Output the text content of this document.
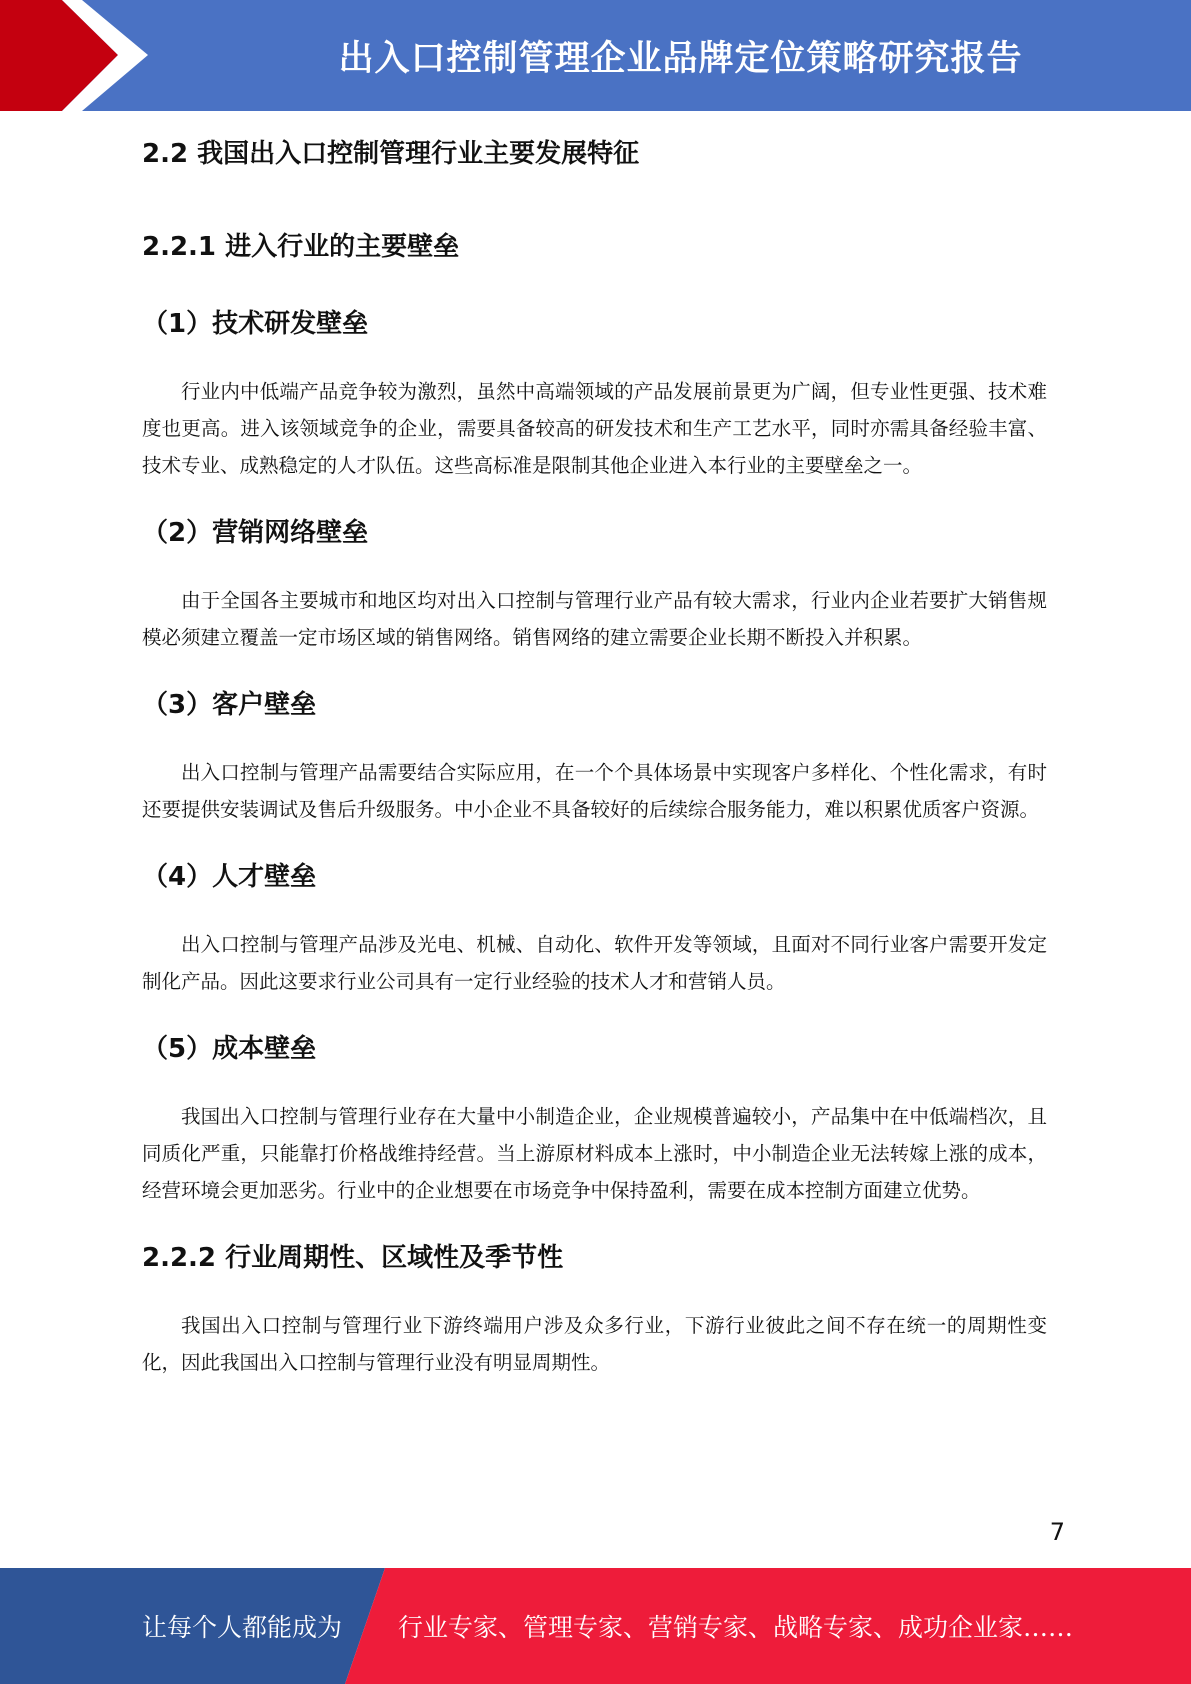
出入口控制管理企业品牌定位策略研究报告
2.2 我国出入口控制管理行业主要发展特征
2.2.1 进入行业的主要壁垒
（1）技术研发壁垒

行业内中低端产品竞争较为激烈，虽然中高端领域的产品发展前景更为广阔，但专业性更强、技术难度也更高。进入该领域竞争的企业，需要具备较高的研发技术和生产工艺水平，同时亦需具备经验丰富、技术专业、成熟稳定的人才队伍。这些高标准是限制其他企业进入本行业的主要壁垒之一。

（2）营销网络壁垒

由于全国各主要城市和地区均对出入口控制与管理行业产品有较大需求，行业内企业若要扩大销售规模必须建立覆盖一定市场区域的销售网络。销售网络的建立需要企业长期不断投入并积累。

（3）客户壁垒

出入口控制与管理产品需要结合实际应用，在一个个具体场景中实现客户多样化、个性化需求，有时还要提供安装调试及售后升级服务。中小企业不具备较好的后续综合服务能力，难以积累优质客户资源。

（4）人才壁垒

出入口控制与管理产品涉及光电、机械、自动化、软件开发等领域，且面对不同行业客户需要开发定制化产品。因此这要求行业公司具有一定行业经验的技术人才和营销人员。

（5）成本壁垒

我国出入口控制与管理行业存在大量中小制造企业，企业规模普遍较小，产品集中在中低端档次，且同质化严重，只能靠打价格战维持经营。当上游原材料成本上涨时，中小制造企业无法转嫁上涨的成本，经营环境会更加恶劣。行业中的企业想要在市场竞争中保持盈利，需要在成本控制方面建立优势。

2.2.2 行业周期性、区域性及季节性

我国出入口控制与管理行业下游终端用户涉及众多行业，下游行业彼此之间不存在统一的周期性变化，因此我国出入口控制与管理行业没有明显周期性。

7
让每个人都能成为 行业专家、管理专家、营销专家、战略专家、成功企业家……
